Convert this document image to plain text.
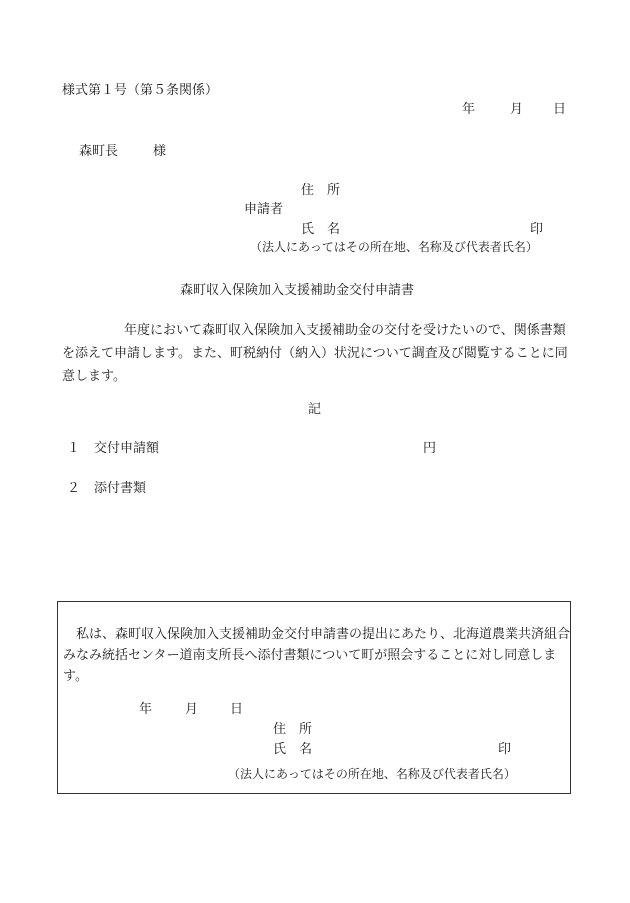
様式第１号（第５条関係）
年	月 日
森町長	様
住　所
申請者
氏　名	印
（法人にあってはその所在地、名称及び代表者氏名）
森町収入保険加入支援補助金交付申請書
年度において森町収入保険加入支援補助金の交付を受けたいので、関係書類を添えて申請します。また、町税納付（納入）状況について調査及び閲覧することに同意します。
記
１ 交付申請額	円
２ 添付書類
私は、森町収入保険加入支援補助金交付申請書の提出にあたり、北海道農業共済組合みなみ統括センター道南支所長へ添付書類について町が照会することに対し同意します。
年	月 日
住　所
氏　名	印
（法人にあってはその所在地、名称及び代表者氏名）
